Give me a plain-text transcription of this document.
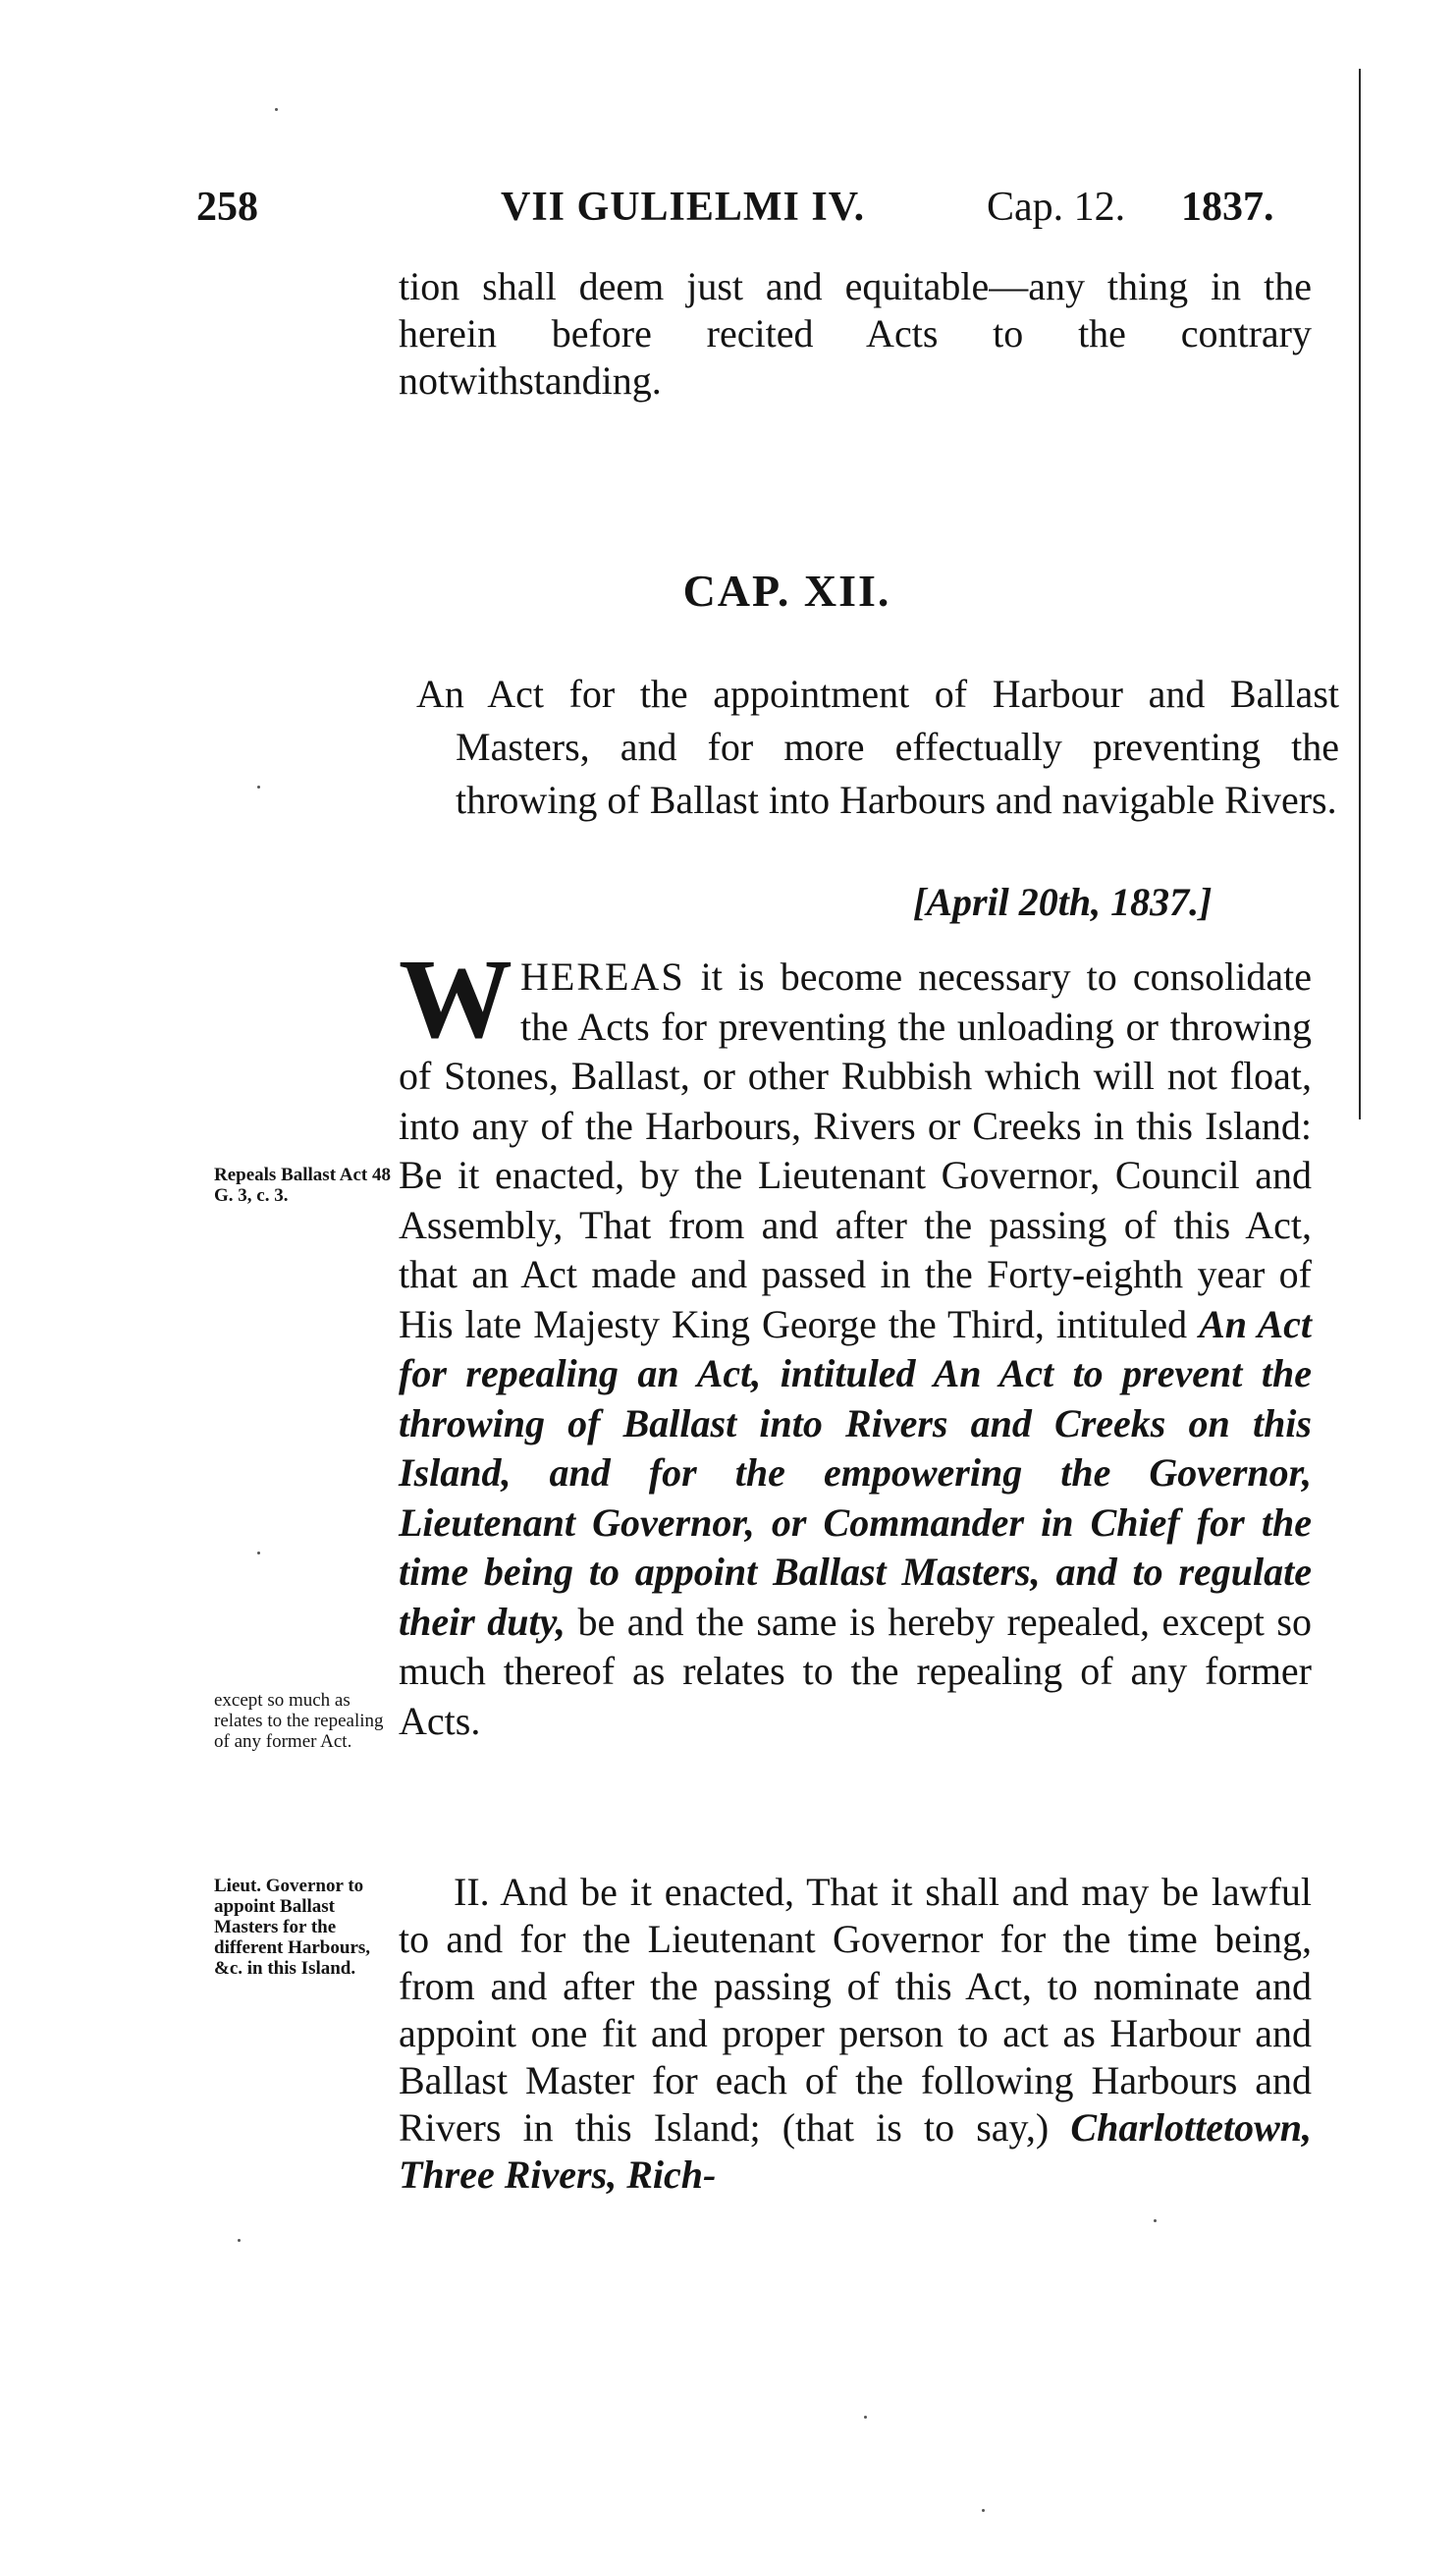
258	VII GULIELMI IV.	Cap. 12. 1837.
tion shall deem just and equitable—any thing in the herein before recited Acts to the contrary notwithstanding.
CAP. XII.
An Act for the appointment of Harbour and Ballast Masters, and for more effectually preventing the throwing of Ballast into Harbours and navigable Rivers.
[April 20th, 1837.]
W HEREAS it is become necessary to consolidate the Acts for preventing the unloading or throwing of Stones, Ballast, or other Rubbish which will not float, into any of the Harbours, Rivers or Creeks in this Island: Be it enacted, by the Lieutenant Governor, Council and Assembly, That from and after the passing of this Act, that an Act made and passed in the Forty-eighth year of His late Majesty King George the Third, intituled An Act for repealing an Act, intituled An Act to prevent the throwing of Ballast into Rivers and Creeks on this Island, and for the empowering the Governor, Lieutenant Governor, or Commander in Chief for the time being to appoint Ballast Masters, and to regulate their duty, be and the same is hereby repealed, except so much thereof as relates to the repealing of any former Acts.
II. And be it enacted, That it shall and may be lawful to and for the Lieutenant Governor for the time being, from and after the passing of this Act, to nominate and appoint one fit and proper person to act as Harbour and Ballast Master for each of the following Harbours and Rivers in this Island; (that is to say,) Charlottetown, Three Rivers, Rich-
Repeals Ballast Act 48 G. 3, c. 3.
except so much as relates to the repealing of any former Act.
Lieut. Governor to appoint Ballast Masters for the different Harbours, &c. in this Island.
